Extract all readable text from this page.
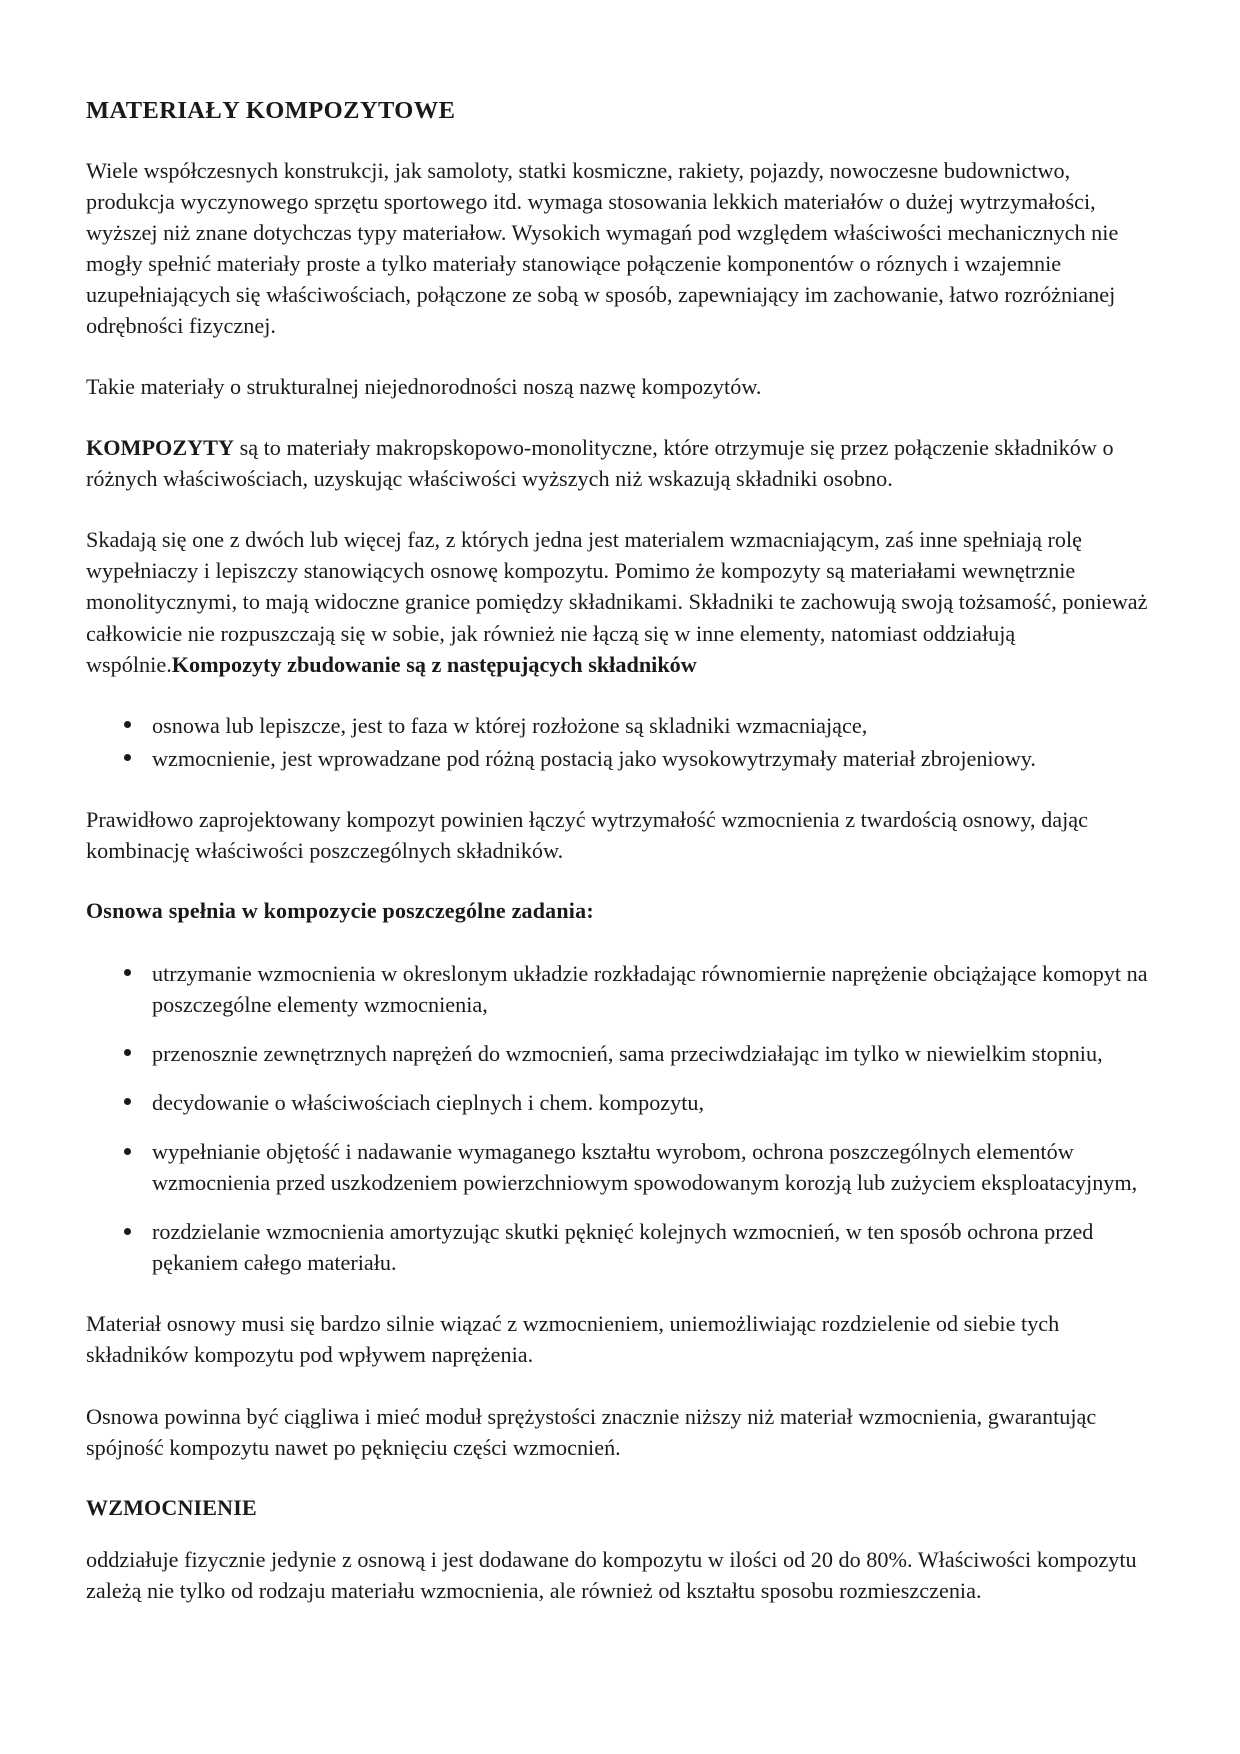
MATERIAŁY KOMPOZYTOWE

Wiele współczesnych konstrukcji, jak samoloty, statki kosmiczne, rakiety, pojazdy, nowoczesne budownictwo, produkcja wyczynowego sprzętu sportowego itd. wymaga stosowania lekkich materiałów o dużej wytrzymałości, wyższej niż znane dotychczas typy materiałow. Wysokich wymagań pod względem właściwości mechanicznych nie mogły spełnić materiały proste a tylko materiały stanowiące połączenie komponentów o róznych i wzajemnie uzupełniających się właściwościach, połączone ze sobą w sposób, zapewniający im zachowanie, łatwo rozróżnianej odrębności fizycznej.

Takie materiały o strukturalnej niejednorodności noszą nazwę kompozytów.

KOMPOZYTY są to materiały makropskopowo-monolityczne, które otrzymuje się przez połączenie składników o różnych właściwościach, uzyskując właściwości wyższych niż wskazują składniki osobno.

Skadają się one z dwóch lub więcej faz, z których jedna jest materialem wzmacniającym, zaś inne spełniają rolę wypełniaczy i lepiszczy stanowiących osnowę kompozytu. Pomimo że kompozyty są materiałami wewnętrznie monolitycznymi, to mają widoczne granice pomiędzy składnikami. Składniki te zachowują swoją tożsamość, ponieważ całkowicie nie rozpuszczają się w sobie, jak również nie łączą się w inne elementy, natomiast oddziałują wspólnie.Kompozyty zbudowanie są z następujących składników

osnowa lub lepiszcze, jest to faza w której rozłożone są skladniki wzmacniające,
wzmocnienie, jest wprowadzane pod różną postacią jako wysokowytrzymały materiał zbrojeniowy.

Prawidłowo zaprojektowany kompozyt powinien łączyć wytrzymałość wzmocnienia z twardością osnowy, dając kombinację właściwości poszczególnych składników.

Osnowa spełnia w kompozycie poszczególne zadania:
utrzymanie wzmocnienia w okreslonym układzie rozkładając równomiernie naprężenie obciążające komopyt na poszczególne elementy wzmocnienia,
przenosznie zewnętrznych naprężeń do wzmocnień, sama przeciwdziałając im tylko w niewielkim stopniu,
decydowanie o właściwościach cieplnych i chem. kompozytu,
wypełnianie objętość i nadawanie wymaganego kształtu wyrobom, ochrona poszczególnych elementów wzmocnienia przed uszkodzeniem powierzchniowym spowodowanym korozją lub zużyciem eksploatacyjnym,
rozdzielanie wzmocnienia amortyzując skutki pęknięć kolejnych wzmocnień, w ten sposób ochrona przed pękaniem całego materiału.

Materiał osnowy musi się bardzo silnie wiązać z wzmocnieniem, uniemożliwiając rozdzielenie od siebie tych składników kompozytu pod wpływem naprężenia.

Osnowa powinna być ciągliwa i mieć moduł sprężystości znacznie niższy niż materiał wzmocnienia, gwarantując spójność kompozytu nawet po pęknięciu części wzmocnień.

WZMOCNIENIE

oddziałuje fizycznie jedynie z osnową i jest dodawane do kompozytu w ilości od 20 do 80%. Właściwości kompozytu zależą nie tylko od rodzaju materiału wzmocnienia, ale również od kształtu sposobu rozmieszczenia.
